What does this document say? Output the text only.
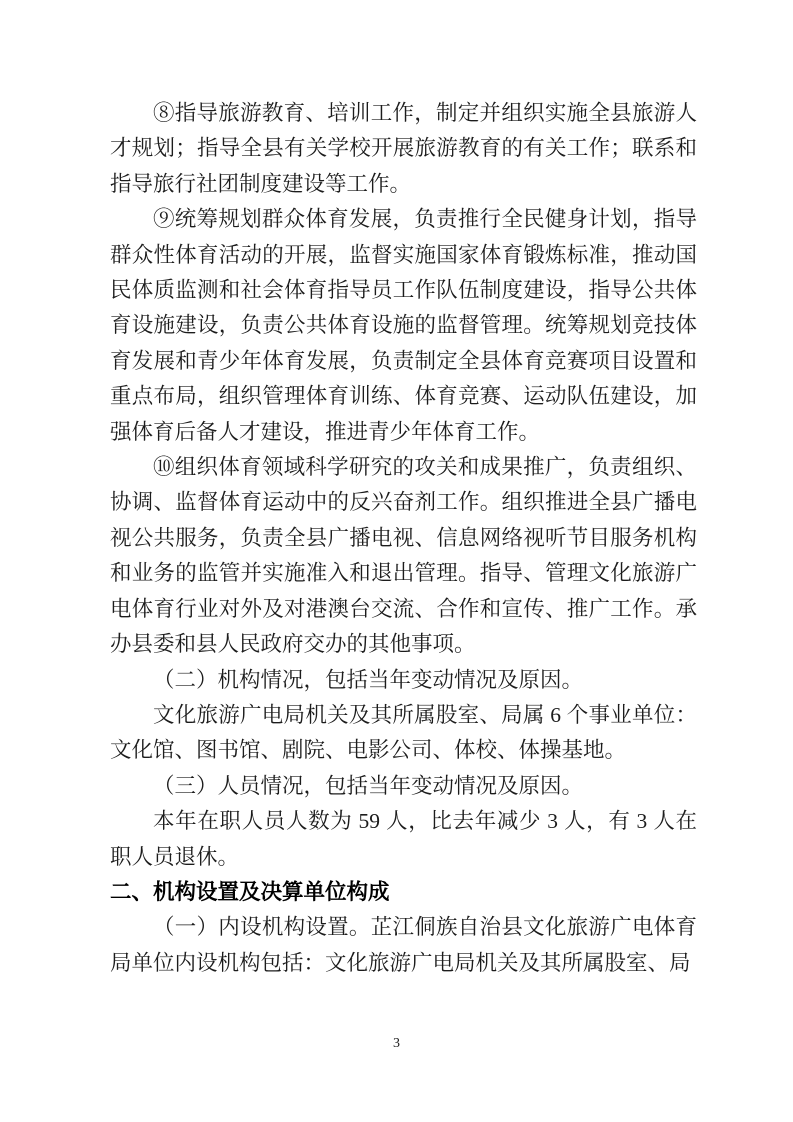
⑧指导旅游教育、培训工作，制定并组织实施全县旅游人才规划；指导全县有关学校开展旅游教育的有关工作；联系和指导旅行社团制度建设等工作。

⑨统筹规划群众体育发展，负责推行全民健身计划，指导群众性体育活动的开展，监督实施国家体育锻炼标准，推动国民体质监测和社会体育指导员工作队伍制度建设，指导公共体育设施建设，负责公共体育设施的监督管理。统筹规划竞技体育发展和青少年体育发展，负责制定全县体育竞赛项目设置和重点布局，组织管理体育训练、体育竞赛、运动队伍建设，加强体育后备人才建设，推进青少年体育工作。

⑩组织体育领域科学研究的攻关和成果推广，负责组织、协调、监督体育运动中的反兴奋剂工作。组织推进全县广播电视公共服务，负责全县广播电视、信息网络视听节目服务机构和业务的监管并实施准入和退出管理。指导、管理文化旅游广电体育行业对外及对港澳台交流、合作和宣传、推广工作。承办县委和县人民政府交办的其他事项。

（二）机构情况，包括当年变动情况及原因。

文化旅游广电局机关及其所属股室、局属 6 个事业单位：文化馆、图书馆、剧院、电影公司、体校、体操基地。

（三）人员情况，包括当年变动情况及原因。

本年在职人员人数为 59 人，比去年减少 3 人，有 3 人在职人员退休。

二、机构设置及决算单位构成

（一）内设机构设置。芷江侗族自治县文化旅游广电体育局单位内设机构包括：文化旅游广电局机关及其所属股室、局

3
